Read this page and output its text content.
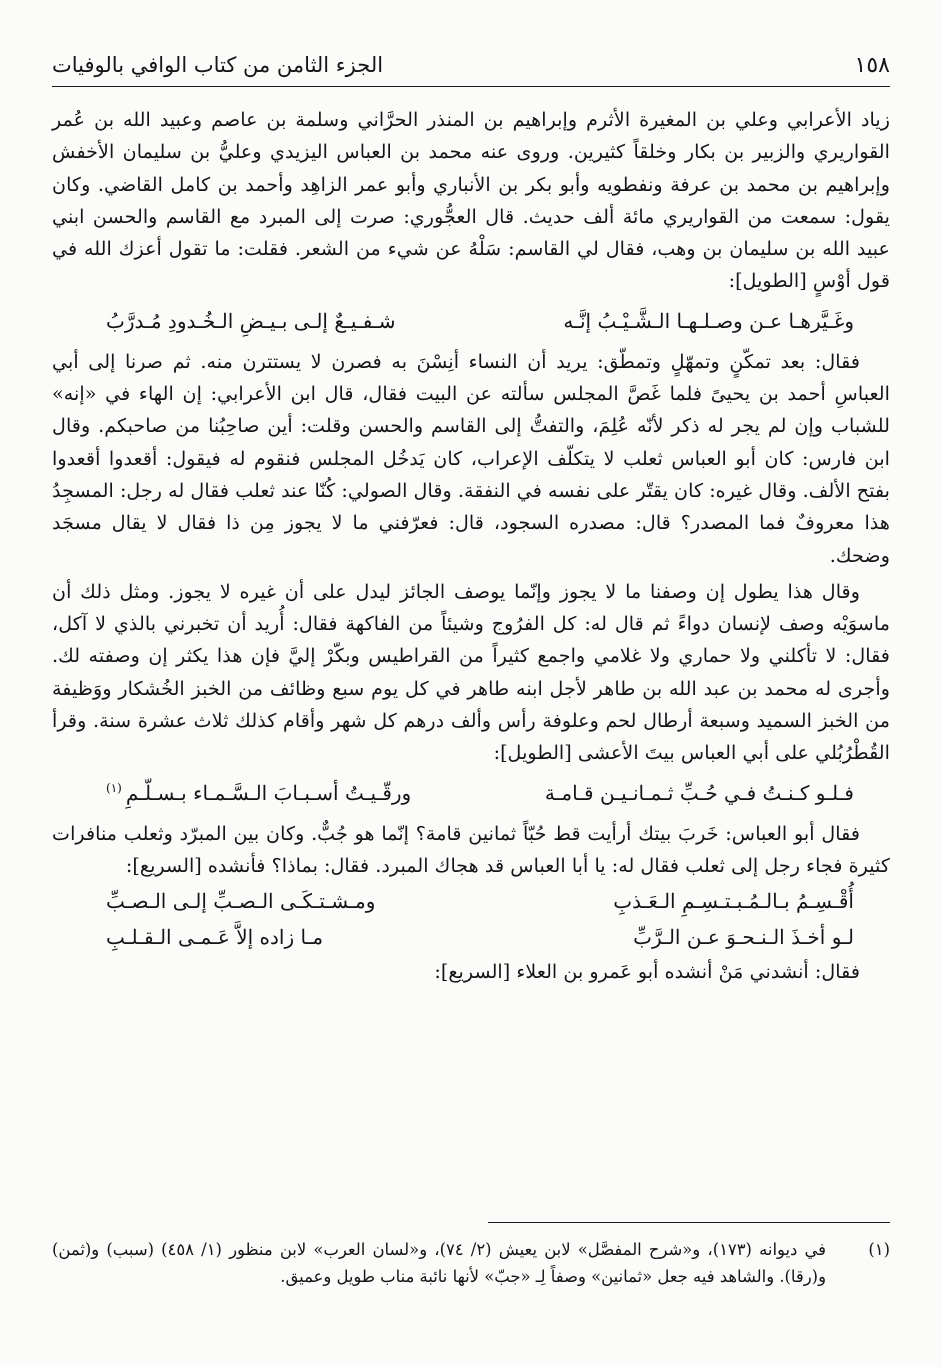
١٥٨
الجزء الثامن من كتاب الوافي بالوفيات

زياد الأعرابي وعلي بن المغيرة الأثرم وإبراهيم بن المنذر الحرَّاني وسلمة بن عاصم وعبيد الله بن عُمر القواريري والزبير بن بكار وخلقاً كثيرين. وروى عنه محمد بن العباس اليزيدي وعليُّ بن سليمان الأخفش وإبراهيم بن محمد بن عرفة ونفطويه وأبو بكر بن الأنباري وأبو عمر الزاهِد وأحمد بن كامل القاضي. وكان يقول: سمعت من القواريري مائة ألف حديث. قال العجُّوري: صرت إلى المبرد مع القاسم والحسن ابني عبيد الله بن سليمان بن وهب، فقال لي القاسم: سَلْهُ عن شيء من الشعر. فقلت: ما تقول أعزك الله في قول أوْسٍ [الطويل]:

وغَـيَّرهـا عـن وصـلـهـا الـشَّـيْـبُ إنَّـه
شـفـيـعٌ إلـى بـيـضِ الـخُـدودِ مُـدرَّبُ

فقال: بعد تمكّنٍ وتمهّلٍ وتمطّق: يريد أن النساء أنِسْنَ به فصرن لا يستترن منه. ثم صرنا إلى أبي العباسِ أحمد بن يحيىً فلما غَصَّ المجلس سألته عن البيت فقال، قال ابن الأعرابي: إن الهاء في «إنه» للشباب وإن لم يجر له ذكر لأنّه عُلِمَ، والتفتُّ إلى القاسم والحسن وقلت: أين صاحِبُنا من صاحبكم. وقال ابن فارس: كان أبو العباس ثعلب لا يتكلّف الإعراب، كان يَدخُل المجلس فنقوم له فيقول: أقعدوا أقعدوا بفتح الألف. وقال غيره: كان يقتّر على نفسه في النفقة. وقال الصولي: كُنّا عند ثعلب فقال له رجل: المسجِدُ هذا معروفٌ فما المصدر؟ قال: مصدره السجود، قال: فعرّفني ما لا يجوز مِن ذا فقال لا يقال مسجَد وضحك.

وقال هذا يطول إن وصفنا ما لا يجوز وإنّما يوصف الجائز ليدل على أن غيره لا يجوز. ومثل ذلك أن ماسوَيْه وصف لإنسان دواءً ثم قال له: كل الفرُوج وشيئاً من الفاكهة فقال: أُريد أن تخبرني بالذي لا آكل، فقال: لا تأكلني ولا حماري ولا غلامي واجمع كثيراً من القراطيس وبكّرْ إليَّ فإن هذا يكثر إن وصفته لك. وأجرى له محمد بن عبد الله بن طاهر لأجل ابنه طاهر في كل يوم سبع وظائف من الخبز الخُشكار ووَظيفة من الخبز السميد وسبعة أرطال لحم وعلوفة رأس وألف درهم كل شهر وأقام كذلك ثلاث عشرة سنة. وقرأ القُطْرُبُلي على أبي العباس بيتَ الأعشى [الطويل]:

فـلـو كـنـتُ فـي حُـبِّ ثـمـانـيـن قـامـة
ورقّـيـتُ أسـبـابَ الـسَّـمـاء بـسـلّـمِ$^{(١)}$

فقال أبو العباس: خَربَ بيتك أرأيت قط حُبّاً ثمانين قامة؟ إنّما هو جُبٌّ. وكان بين المبرّد وثعلب منافرات كثيرة فجاء رجل إلى ثعلب فقال له: يا أبا العباس قد هجاك المبرد. فقال: بماذا؟ فأنشده [السريع]:

أُقْـسِـمُ بـالـمُـبـتـسِـمِ الـعَـذبِ
ومـشـتـكَـى الـصـبِّ إلـى الـصـبِّ
لـو أخـذَ الـنـحـوَ عـن الـرَّبِّ
مـا زاده إلاَّ عَـمـى الـقـلـبِ

فقال: أنشدني مَنْ أنشده أبو عَمرو بن العلاء [السريع]:

(١)
في ديوانه (١٧٣)، و«شرح المفصَّل» لابن يعيش (٢/ ٧٤)، و«لسان العرب» لابن منظور (١/ ٤٥٨) (سبب) و(ثمن) و(رقا). والشاهد فيه جعل «ثمانين» وصفاً لِـ «جبّ» لأنها نائبة مناب طويل وعميق.
